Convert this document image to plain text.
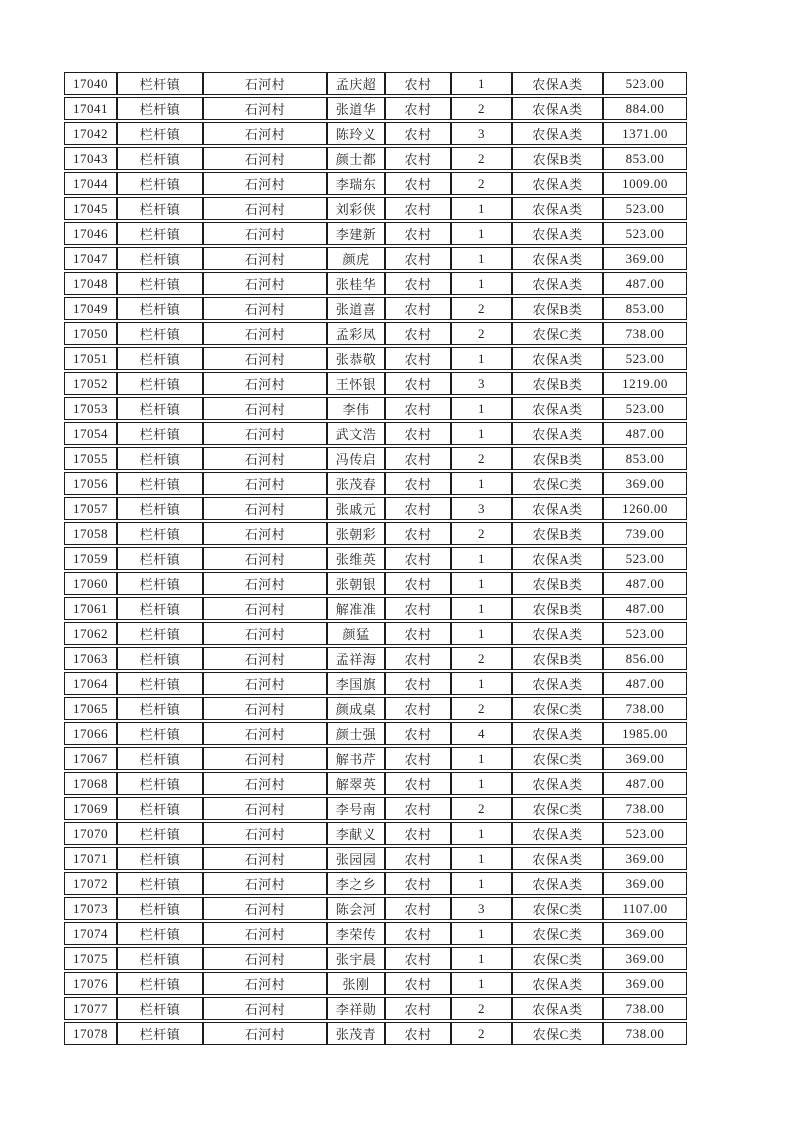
17040	栏杆镇	石河村	孟庆超	农村	1	农保A类	523.00
17041	栏杆镇	石河村	张道华	农村	2	农保A类	884.00
17042	栏杆镇	石河村	陈玲义	农村	3	农保A类	1371.00
17043	栏杆镇	石河村	颜士都	农村	2	农保B类	853.00
17044	栏杆镇	石河村	李瑞东	农村	2	农保A类	1009.00
17045	栏杆镇	石河村	刘彩侠	农村	1	农保A类	523.00
17046	栏杆镇	石河村	李建新	农村	1	农保A类	523.00
17047	栏杆镇	石河村	颜虎	农村	1	农保A类	369.00
17048	栏杆镇	石河村	张桂华	农村	1	农保A类	487.00
17049	栏杆镇	石河村	张道喜	农村	2	农保B类	853.00
17050	栏杆镇	石河村	孟彩凤	农村	2	农保C类	738.00
17051	栏杆镇	石河村	张恭敬	农村	1	农保A类	523.00
17052	栏杆镇	石河村	王怀银	农村	3	农保B类	1219.00
17053	栏杆镇	石河村	李伟	农村	1	农保A类	523.00
17054	栏杆镇	石河村	武文浩	农村	1	农保A类	487.00
17055	栏杆镇	石河村	冯传启	农村	2	农保B类	853.00
17056	栏杆镇	石河村	张茂春	农村	1	农保C类	369.00
17057	栏杆镇	石河村	张戚元	农村	3	农保A类	1260.00
17058	栏杆镇	石河村	张朝彩	农村	2	农保B类	739.00
17059	栏杆镇	石河村	张维英	农村	1	农保A类	523.00
17060	栏杆镇	石河村	张朝银	农村	1	农保B类	487.00
17061	栏杆镇	石河村	解准准	农村	1	农保B类	487.00
17062	栏杆镇	石河村	颜猛	农村	1	农保A类	523.00
17063	栏杆镇	石河村	孟祥海	农村	2	农保B类	856.00
17064	栏杆镇	石河村	李国旗	农村	1	农保A类	487.00
17065	栏杆镇	石河村	颜成桌	农村	2	农保C类	738.00
17066	栏杆镇	石河村	颜士强	农村	4	农保A类	1985.00
17067	栏杆镇	石河村	解书芹	农村	1	农保C类	369.00
17068	栏杆镇	石河村	解翠英	农村	1	农保A类	487.00
17069	栏杆镇	石河村	李号南	农村	2	农保C类	738.00
17070	栏杆镇	石河村	李献义	农村	1	农保A类	523.00
17071	栏杆镇	石河村	张园园	农村	1	农保A类	369.00
17072	栏杆镇	石河村	李之乡	农村	1	农保A类	369.00
17073	栏杆镇	石河村	陈会河	农村	3	农保C类	1107.00
17074	栏杆镇	石河村	李荣传	农村	1	农保C类	369.00
17075	栏杆镇	石河村	张宇晨	农村	1	农保C类	369.00
17076	栏杆镇	石河村	张刚	农村	1	农保A类	369.00
17077	栏杆镇	石河村	李祥勋	农村	2	农保A类	738.00
17078	栏杆镇	石河村	张茂青	农村	2	农保C类	738.00
